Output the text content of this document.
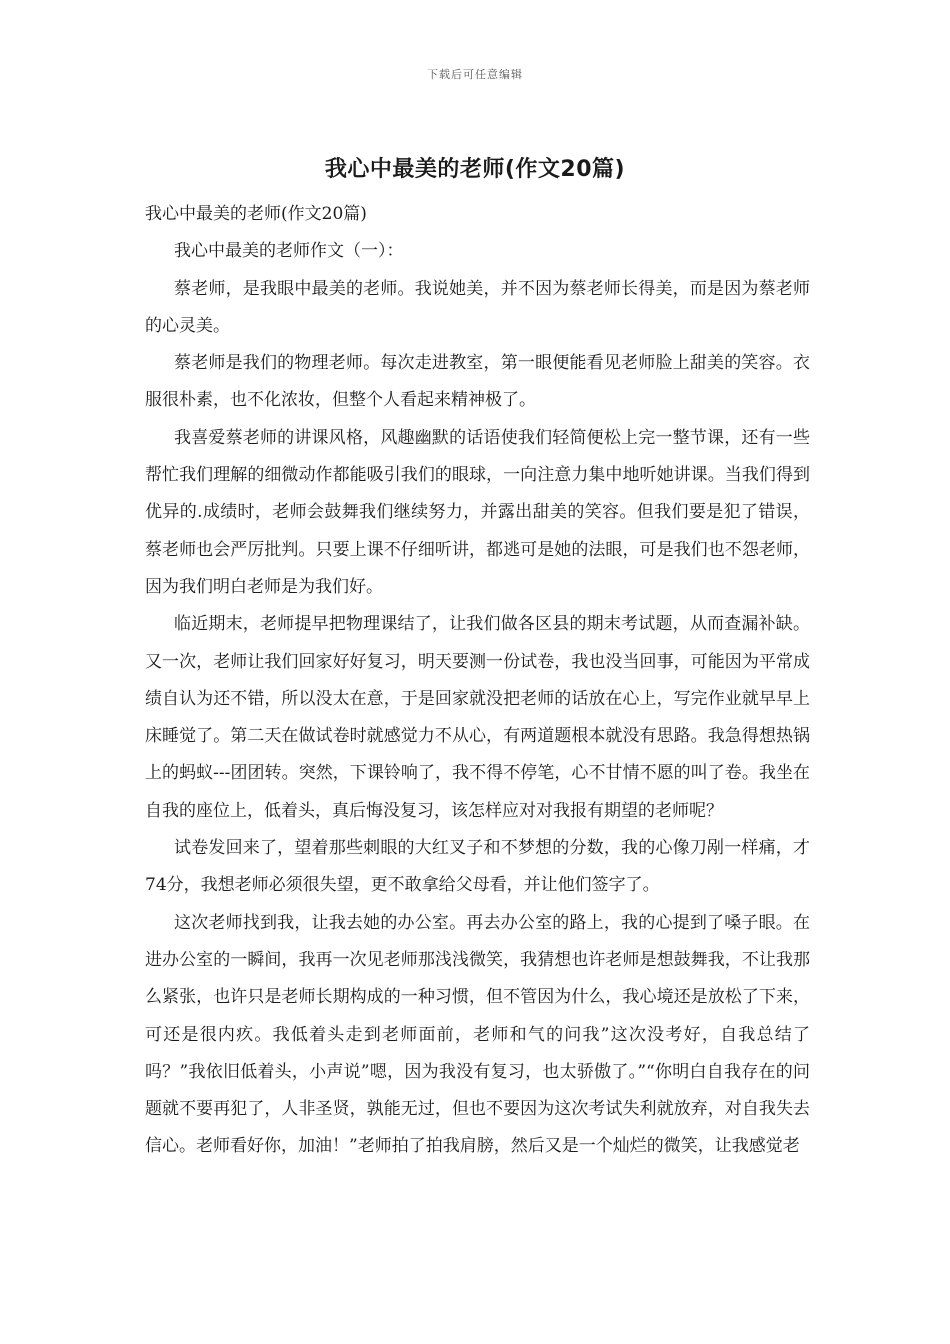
下载后可任意编辑
我心中最美的老师(作文20篇)

我心中最美的老师(作文20篇)

我心中最美的老师作文（一）：

蔡老师，是我眼中最美的老师。我说她美，并不因为蔡老师长得美，而是因为蔡老师的心灵美。

蔡老师是我们的物理老师。每次走进教室，第一眼便能看见老师脸上甜美的笑容。衣服很朴素，也不化浓妆，但整个人看起来精神极了。

我喜爱蔡老师的讲课风格，风趣幽默的话语使我们轻简便松上完一整节课，还有一些帮忙我们理解的细微动作都能吸引我们的眼球，一向注意力集中地听她讲课。当我们得到优异的.成绩时，老师会鼓舞我们继续努力，并露出甜美的笑容。但我们要是犯了错误，蔡老师也会严厉批判。只要上课不仔细听讲，都逃可是她的法眼，可是我们也不怨老师，因为我们明白老师是为我们好。

临近期末，老师提早把物理课结了，让我们做各区县的期末考试题，从而查漏补缺。又一次，老师让我们回家好好复习，明天要测一份试卷，我也没当回事，可能因为平常成绩自认为还不错，所以没太在意，于是回家就没把老师的话放在心上，写完作业就早早上床睡觉了。第二天在做试卷时就感觉力不从心，有两道题根本就没有思路。我急得想热锅上的蚂蚁---团团转。突然，下课铃响了，我不得不停笔，心不甘情不愿的叫了卷。我坐在自我的座位上，低着头，真后悔没复习，该怎样应对对我报有期望的老师呢？

试卷发回来了，望着那些刺眼的大红叉子和不梦想的分数，我的心像刀剐一样痛，才74分，我想老师必须很失望，更不敢拿给父母看，并让他们签字了。

这次老师找到我，让我去她的办公室。再去办公室的路上，我的心提到了嗓子眼。在进办公室的一瞬间，我再一次见老师那浅浅微笑，我猜想也许老师是想鼓舞我，不让我那么紧张，也许只是老师长期构成的一种习惯，但不管因为什么，我心境还是放松了下来，可还是很内疚。我低着头走到老师面前，老师和气的问我”这次没考好，自我总结了吗？”我依旧低着头，小声说”嗯，因为我没有复习，也太骄傲了。”“你明白自我存在的问题就不要再犯了，人非圣贤，孰能无过，但也不要因为这次考试失利就放弃，对自我失去信心。老师看好你，加油！”老师拍了拍我肩膀，然后又是一个灿烂的微笑，让我感觉老
